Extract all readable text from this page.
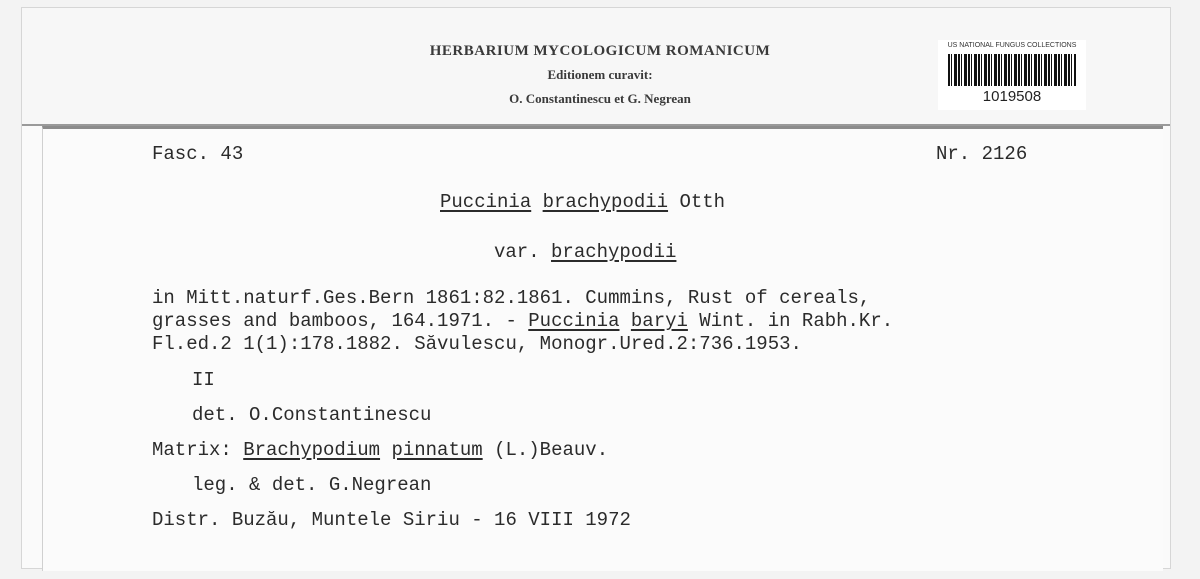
HERBARIUM MYCOLOGICUM ROMANICUM
Editionem curavit:
O. Constantinescu et G. Negrean
US NATIONAL FUNGUS COLLECTIONS
1019508
Fasc. 43	Nr. 2126
Puccinia brachypodii Otth
var. brachypodii
in Mitt.naturf.Ges.Bern 1861:82.1861. Cummins, Rust of cereals,
grasses and bamboos, 164.1971. - Puccinia baryi Wint. in Rabh.Kr.
Fl.ed.2 1(1):178.1882. Săvulescu, Monogr.Ured.2:736.1953.
II
det. O.Constantinescu
Matrix: Brachypodium pinnatum (L.)Beauv.
leg. & det. G.Negrean
Distr. Buzău, Muntele Siriu - 16 VIII 1972
